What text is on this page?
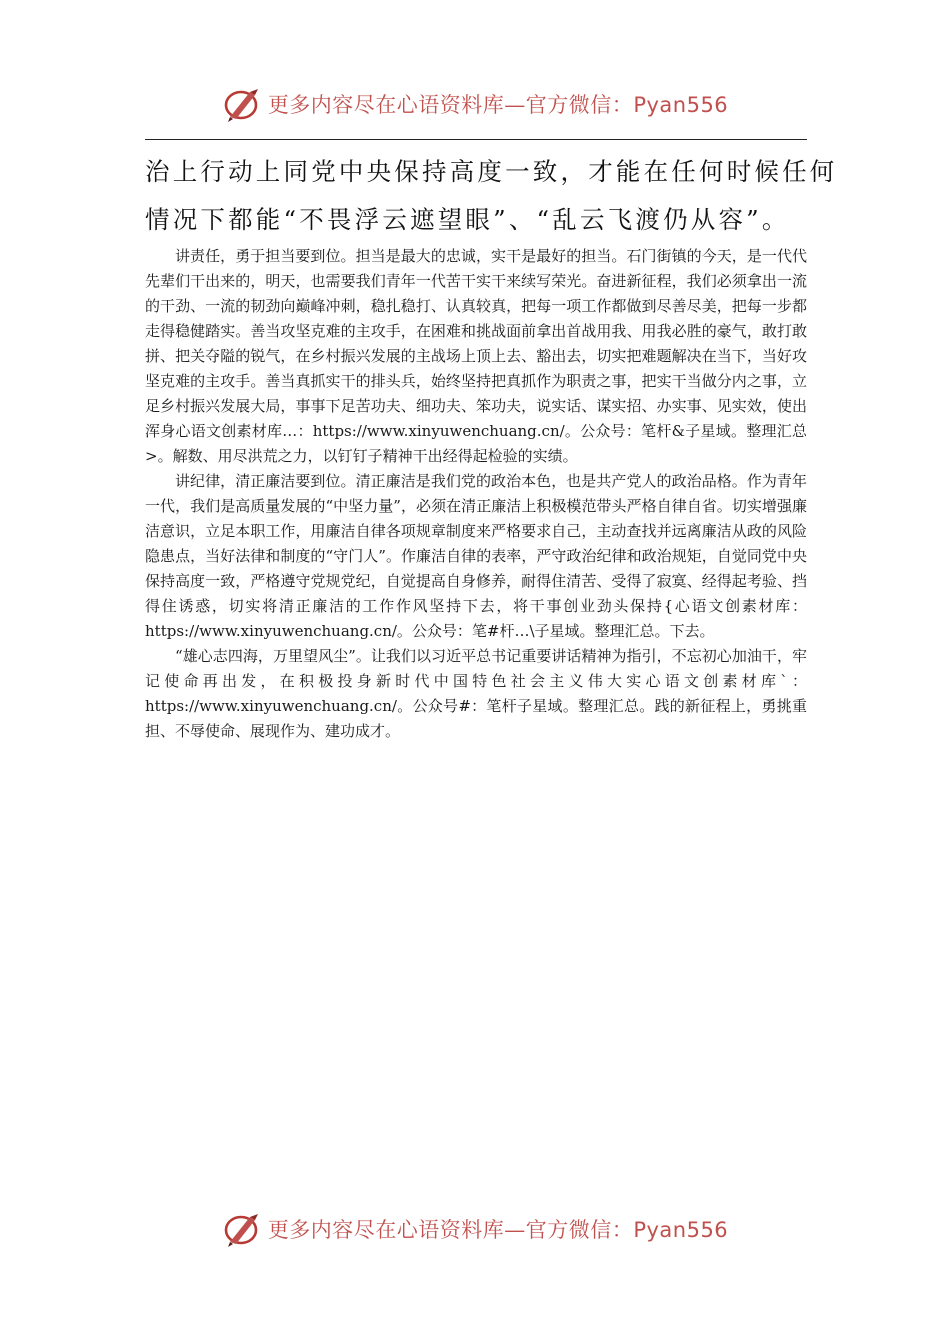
更多内容尽在心语资料库—官方微信：Pyan556

治上行动上同党中央保持高度一致，才能在任何时候任何

情况下都能“不畏浮云遮望眼”、“乱云飞渡仍从容”。

讲责任，勇于担当要到位。担当是最大的忠诚，实干是最好的担当。石门街镇的今天，是一代代先辈们干出来的，明天，也需要我们青年一代苦干实干来续写荣光。奋进新征程，我们必须拿出一流的干劲、一流的韧劲向巅峰冲刺，稳扎稳打、认真较真，把每一项工作都做到尽善尽美，把每一步都走得稳健踏实。善当攻坚克难的主攻手，在困难和挑战面前拿出首战用我、用我必胜的豪气，敢打敢拼、把关夺隘的锐气，在乡村振兴发展的主战场上顶上去、豁出去，切实把难题解决在当下，当好攻坚克难的主攻手。善当真抓实干的排头兵，始终坚持把真抓作为职责之事，把实干当做分内之事，立足乡村振兴发展大局，事事下足苦功夫、细功夫、笨功夫，说实话、谋实招、办实事、见实效，使出浑身心语文创素材库…：https://www.xinyuwenchuang.cn/。公众号：笔杆&子星域。整理汇总>。解数、用尽洪荒之力，以钉钉子精神干出经得起检验的实绩。

讲纪律，清正廉洁要到位。清正廉洁是我们党的政治本色，也是共产党人的政治品格。作为青年一代，我们是高质量发展的“中坚力量”，必须在清正廉洁上积极模范带头严格自律自省。切实增强廉洁意识，立足本职工作，用廉洁自律各项规章制度来严格要求自己，主动查找并远离廉洁从政的风险隐患点，当好法律和制度的“守门人”。作廉洁自律的表率，严守政治纪律和政治规矩，自觉同党中央保持高度一致，严格遵守党规党纪，自觉提高自身修养，耐得住清苦、受得了寂寞、经得起考验、挡得住诱惑，切实将清正廉洁的工作作风坚持下去，将干事创业劲头保持{心语文创素材库：https://www.xinyuwenchuang.cn/。公众号：笔#杆…\子星域。整理汇总。下去。

“雄心志四海，万里望风尘”。让我们以习近平总书记重要讲话精神为指引，不忘初心加油干，牢记使命再出发，在积极投身新时代中国特色社会主义伟大实心语文创素材库`：https://www.xinyuwenchuang.cn/。公众号#：笔杆子星域。整理汇总。践的新征程上，勇挑重担、不辱使命、展现作为、建功成才。

更多内容尽在心语资料库—官方微信：Pyan556
